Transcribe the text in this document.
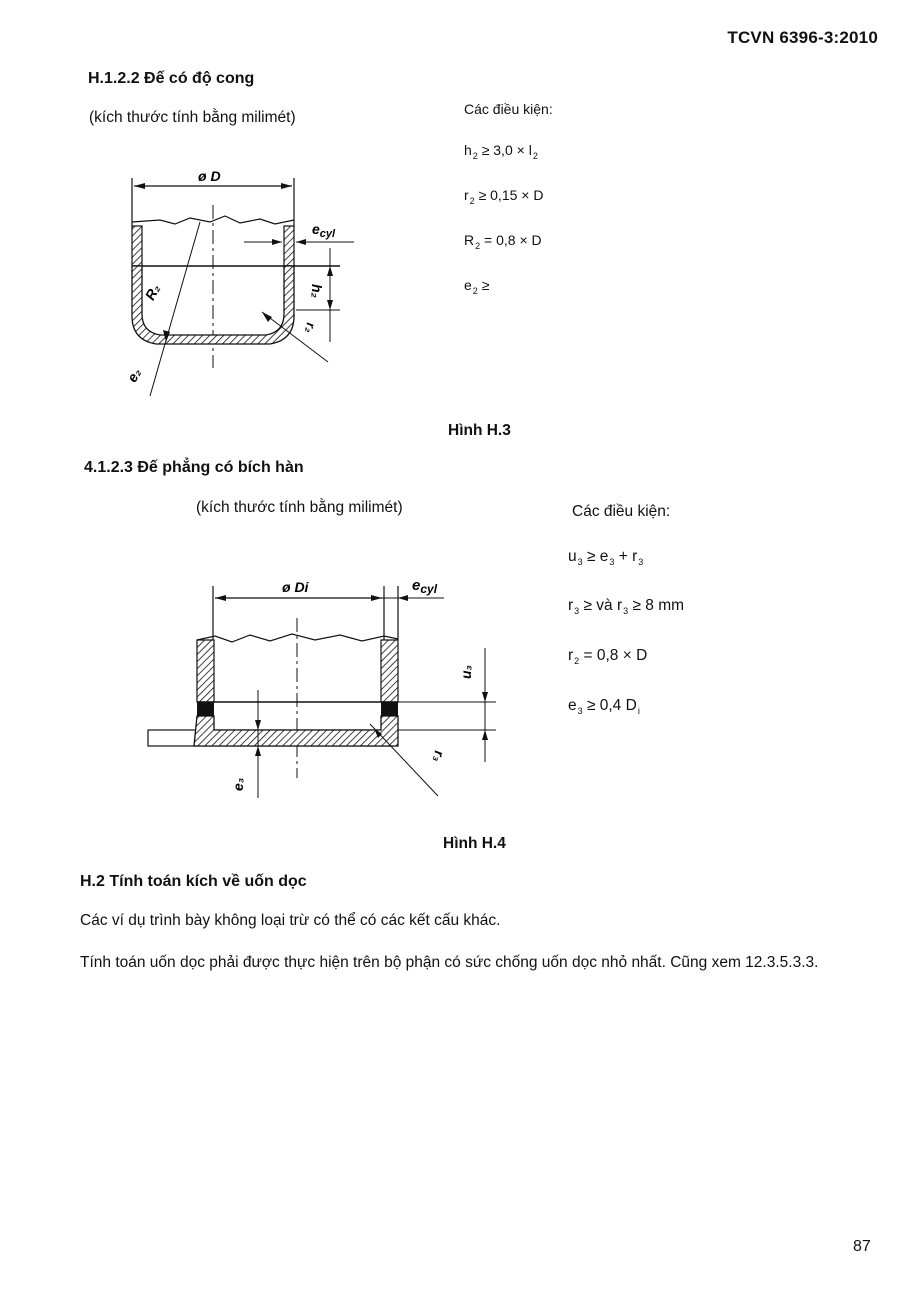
TCVN 6396-3:2010
H.1.2.2 Đế có độ cong
(kích thước tính bằng milimét)	Các điều kiện:
$h_2 \ge 3,0 \times l_2$
$r_2 \ge 0,15 \times D$
$R_2 = 0,8 \times D$
$e_2$ ≥
ø D
$e_{cyl}$
h₂
r₂
R₂
e₂
Hình H.3
4.1.2.3 Đế phẳng có bích hàn
(kích thước tính bằng milimét)	Các điều kiện:
$u_3 \ge e_3 + r_3$
$r_3$ ≥ và $r_3 \ge 8$ mm
$r_2 = 0,8 \times D$
$e_3 \ge 0,4$ $D_i$
ø Di	$e_{cyl}$
u₃
e₃
r₃
Hình H.4
H.2 Tính toán kích về uốn dọc
Các ví dụ trình bày không loại trừ có thể có các kết cấu khác.
Tính toán uốn dọc phải được thực hiện trên bộ phận có sức chống uốn dọc nhỏ nhất. Cũng xem 12.3.5.3.3.
87
